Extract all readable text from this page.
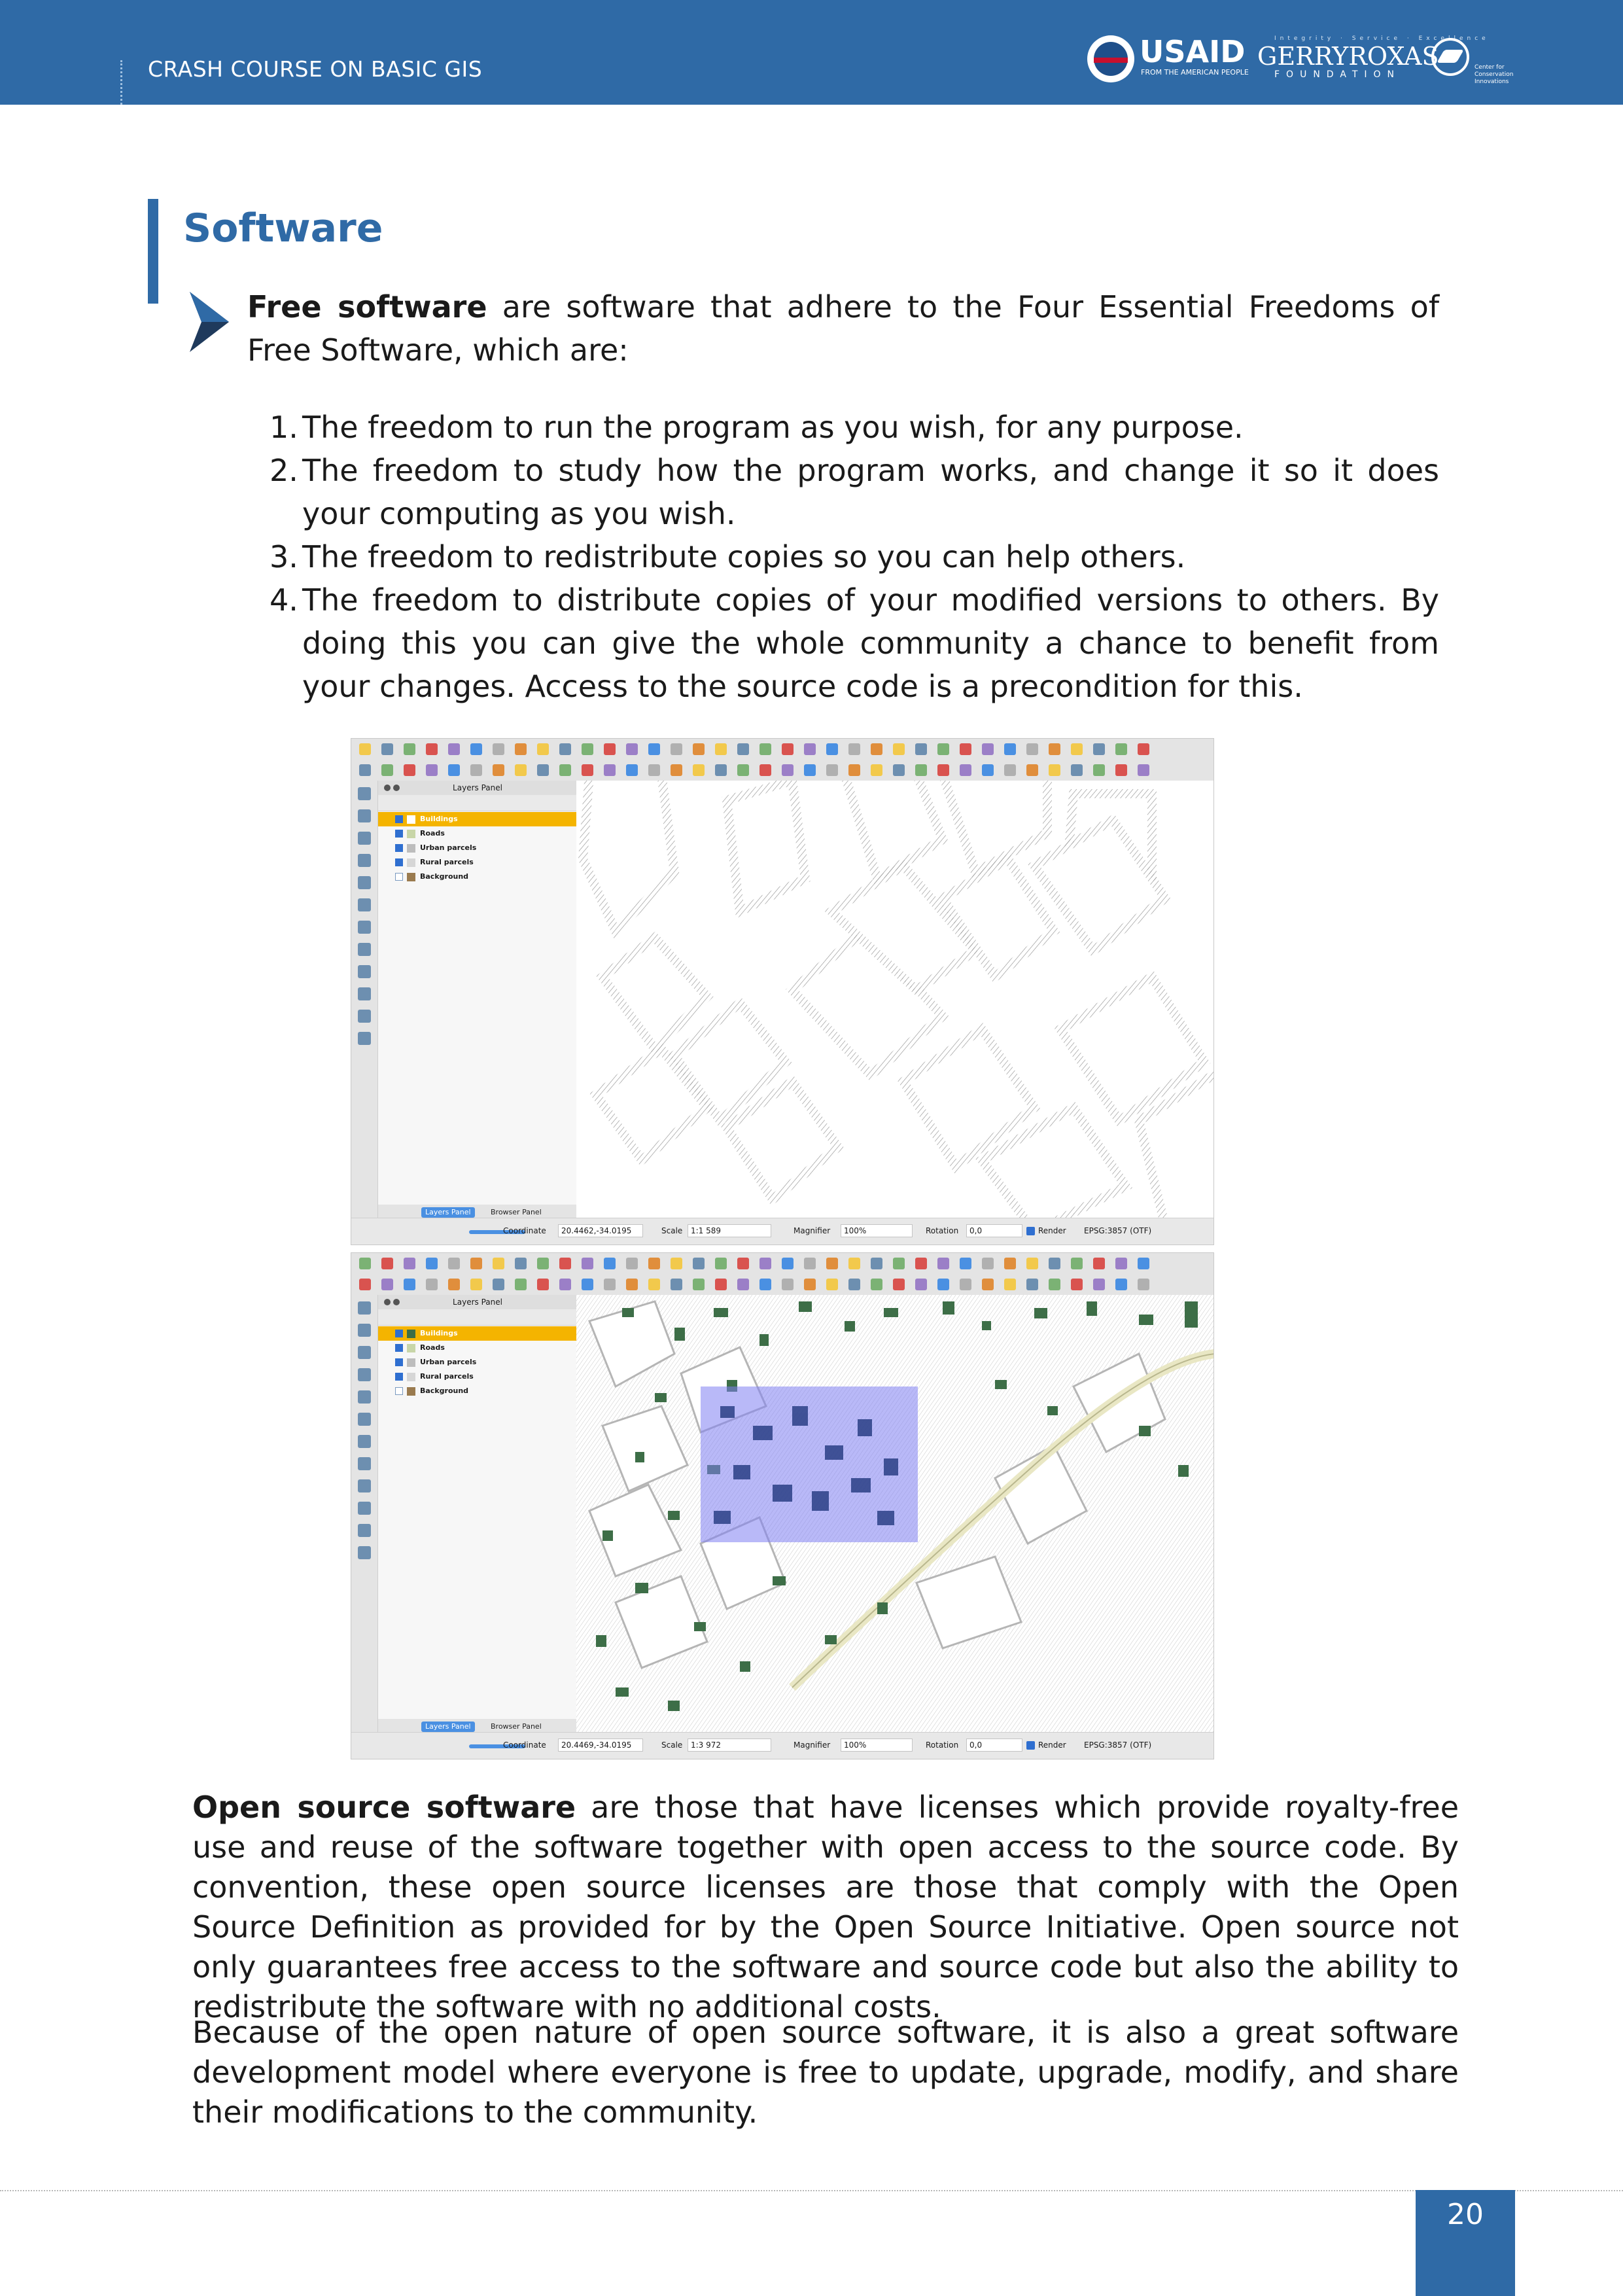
CRASH COURSE ON BASIC GIS	USAID
FROM THE AMERICAN PEOPLE
Integrity · Service · Excellence
GERRYROXAS
FOUNDATION
Center for Conservation Innovations
Software
Free software are software that adhere to the Four Essential Freedoms of Free Software, which are:
1. The freedom to run the program as you wish, for any purpose.
2. The freedom to study how the program works, and change it so it does your computing as you wish.
3. The freedom to redistribute copies so you can help others.
4. The freedom to distribute copies of your modified versions to others. By doing this you can give the whole community a chance to benefit from your changes. Access to the source code is a precondition for this.
Layers Panel
Buildings
Roads
Urban parcels
Rural parcels
Background
Layers Panel	Browser Panel
Coordinate	20.4462,-34.0195	Scale	1:1 589	Magnifier	100%	Rotation	0,0	Render EPSG:3857 (OTF)
Layers Panel
Buildings
Roads
Urban parcels
Rural parcels
Background
Layers Panel	Browser Panel
Coordinate	20.4469,-34.0195	Scale	1:3 972	Magnifier	100%	Rotation	0,0	Render EPSG:3857 (OTF)
Open source software are those that have licenses which provide royalty-free use and reuse of the software together with open access to the source code. By convention, these open source licenses are those that comply with the Open Source Definition as provided for by the Open Source Initiative. Open source not only guarantees free access to the software and source code but also the ability to redistribute the software with no additional costs.
Because of the open nature of open source software, it is also a great software development model where everyone is free to update, upgrade, modify, and share their modifications to the community.
20
